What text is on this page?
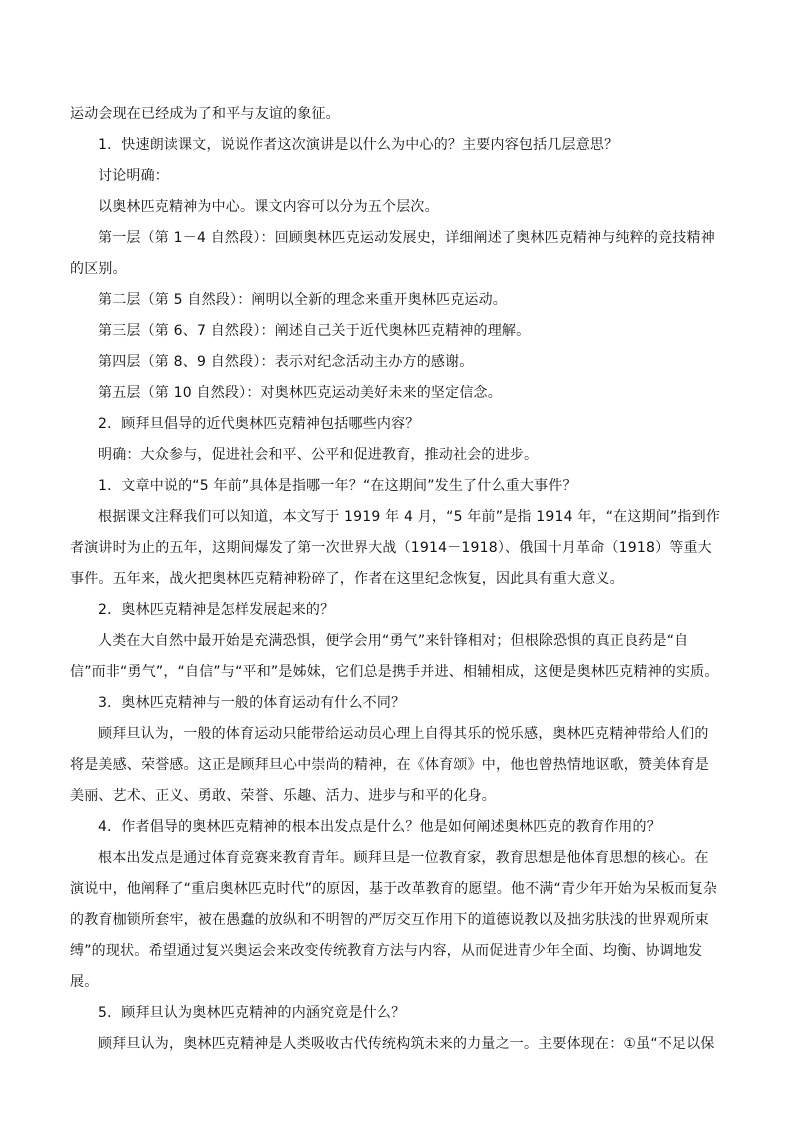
运动会现在已经成为了和平与友谊的象征。

1．快速朗读课文，说说作者这次演讲是以什么为中心的？主要内容包括几层意思？

讨论明确：

以奥林匹克精神为中心。课文内容可以分为五个层次。

第一层（第 1－4 自然段）：回顾奥林匹克运动发展史，详细阐述了奥林匹克精神与纯粹的竞技精神的区别。

第二层（第 5 自然段）：阐明以全新的理念来重开奥林匹克运动。

第三层（第 6、7 自然段）：阐述自己关于近代奥林匹克精神的理解。

第四层（第 8、9 自然段）：表示对纪念活动主办方的感谢。

第五层（第 10 自然段）：对奥林匹克运动美好未来的坚定信念。

2．顾拜旦倡导的近代奥林匹克精神包括哪些内容？

明确：大众参与，促进社会和平、公平和促进教育，推动社会的进步。

1．文章中说的“5 年前”具体是指哪一年？“在这期间”发生了什么重大事件？

根据课文注释我们可以知道，本文写于 1919 年 4 月，“5 年前”是指 1914 年，“在这期间”指到作者演讲时为止的五年，这期间爆发了第一次世界大战（1914－1918）、俄国十月革命（1918）等重大事件。五年来，战火把奥林匹克精神粉碎了，作者在这里纪念恢复，因此具有重大意义。

2．奥林匹克精神是怎样发展起来的？

人类在大自然中最开始是充满恐惧，便学会用“勇气”来针锋相对；但根除恐惧的真正良药是“自信”而非“勇气”，“自信”与“平和”是姊妹，它们总是携手并进、相辅相成，这便是奥林匹克精神的实质。

3．奥林匹克精神与一般的体育运动有什么不同？

顾拜旦认为，一般的体育运动只能带给运动员心理上自得其乐的悦乐感，奥林匹克精神带给人们的将是美感、荣誉感。这正是顾拜旦心中崇尚的精神，在《体育颂》中，他也曾热情地讴歌，赞美体育是美丽、艺术、正义、勇敢、荣誉、乐趣、活力、进步与和平的化身。

4．作者倡导的奥林匹克精神的根本出发点是什么？他是如何阐述奥林匹克的教育作用的？

根本出发点是通过体育竞赛来教育青年。顾拜旦是一位教育家，教育思想是他体育思想的核心。在演说中，他阐释了“重启奥林匹克时代”的原因，基于改革教育的愿望。他不满“青少年开始为呆板而复杂的教育枷锁所套牢，被在愚蠢的放纵和不明智的严厉交互作用下的道德说教以及拙劣肤浅的世界观所束缚”的现状。希望通过复兴奥运会来改变传统教育方法与内容，从而促进青少年全面、均衡、协调地发展。

5．顾拜旦认为奥林匹克精神的内涵究竟是什么？

顾拜旦认为，奥林匹克精神是人类吸收古代传统构筑未来的力量之一。主要体现在：①虽“不足以保
